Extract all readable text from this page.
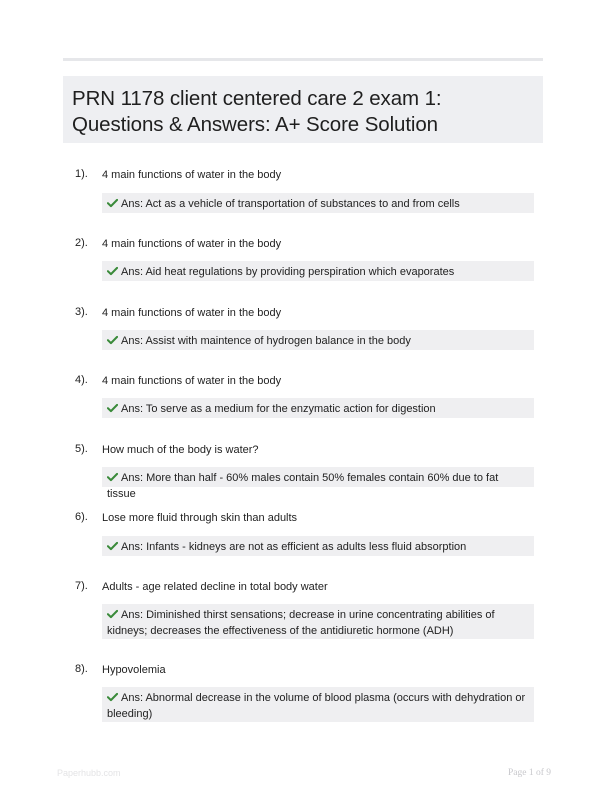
PRN 1178 client centered care 2 exam 1:
Questions & Answers: A+ Score Solution
1). 4 main functions of water in the body
Ans: Act as a vehicle of transportation of substances to and from cells
2). 4 main functions of water in the body
Ans: Aid heat regulations by providing perspiration which evaporates
3). 4 main functions of water in the body
Ans: Assist with maintence of hydrogen balance in the body
4). 4 main functions of water in the body
Ans: To serve as a medium for the enzymatic action for digestion
5). How much of the body is water?
Ans: More than half - 60% males contain 50% females contain 60% due to fat tissue
6). Lose more fluid through skin than adults
Ans: Infants - kidneys are not as efficient as adults less fluid absorption
7). Adults - age related decline in total body water
Ans: Diminished thirst sensations; decrease in urine concentrating abilities of kidneys; decreases the effectiveness of the antidiuretic hormone (ADH)
8). Hypovolemia
Ans: Abnormal decrease in the volume of blood plasma (occurs with dehydration or bleeding)
Paperhubb.com	Page 1 of 9
